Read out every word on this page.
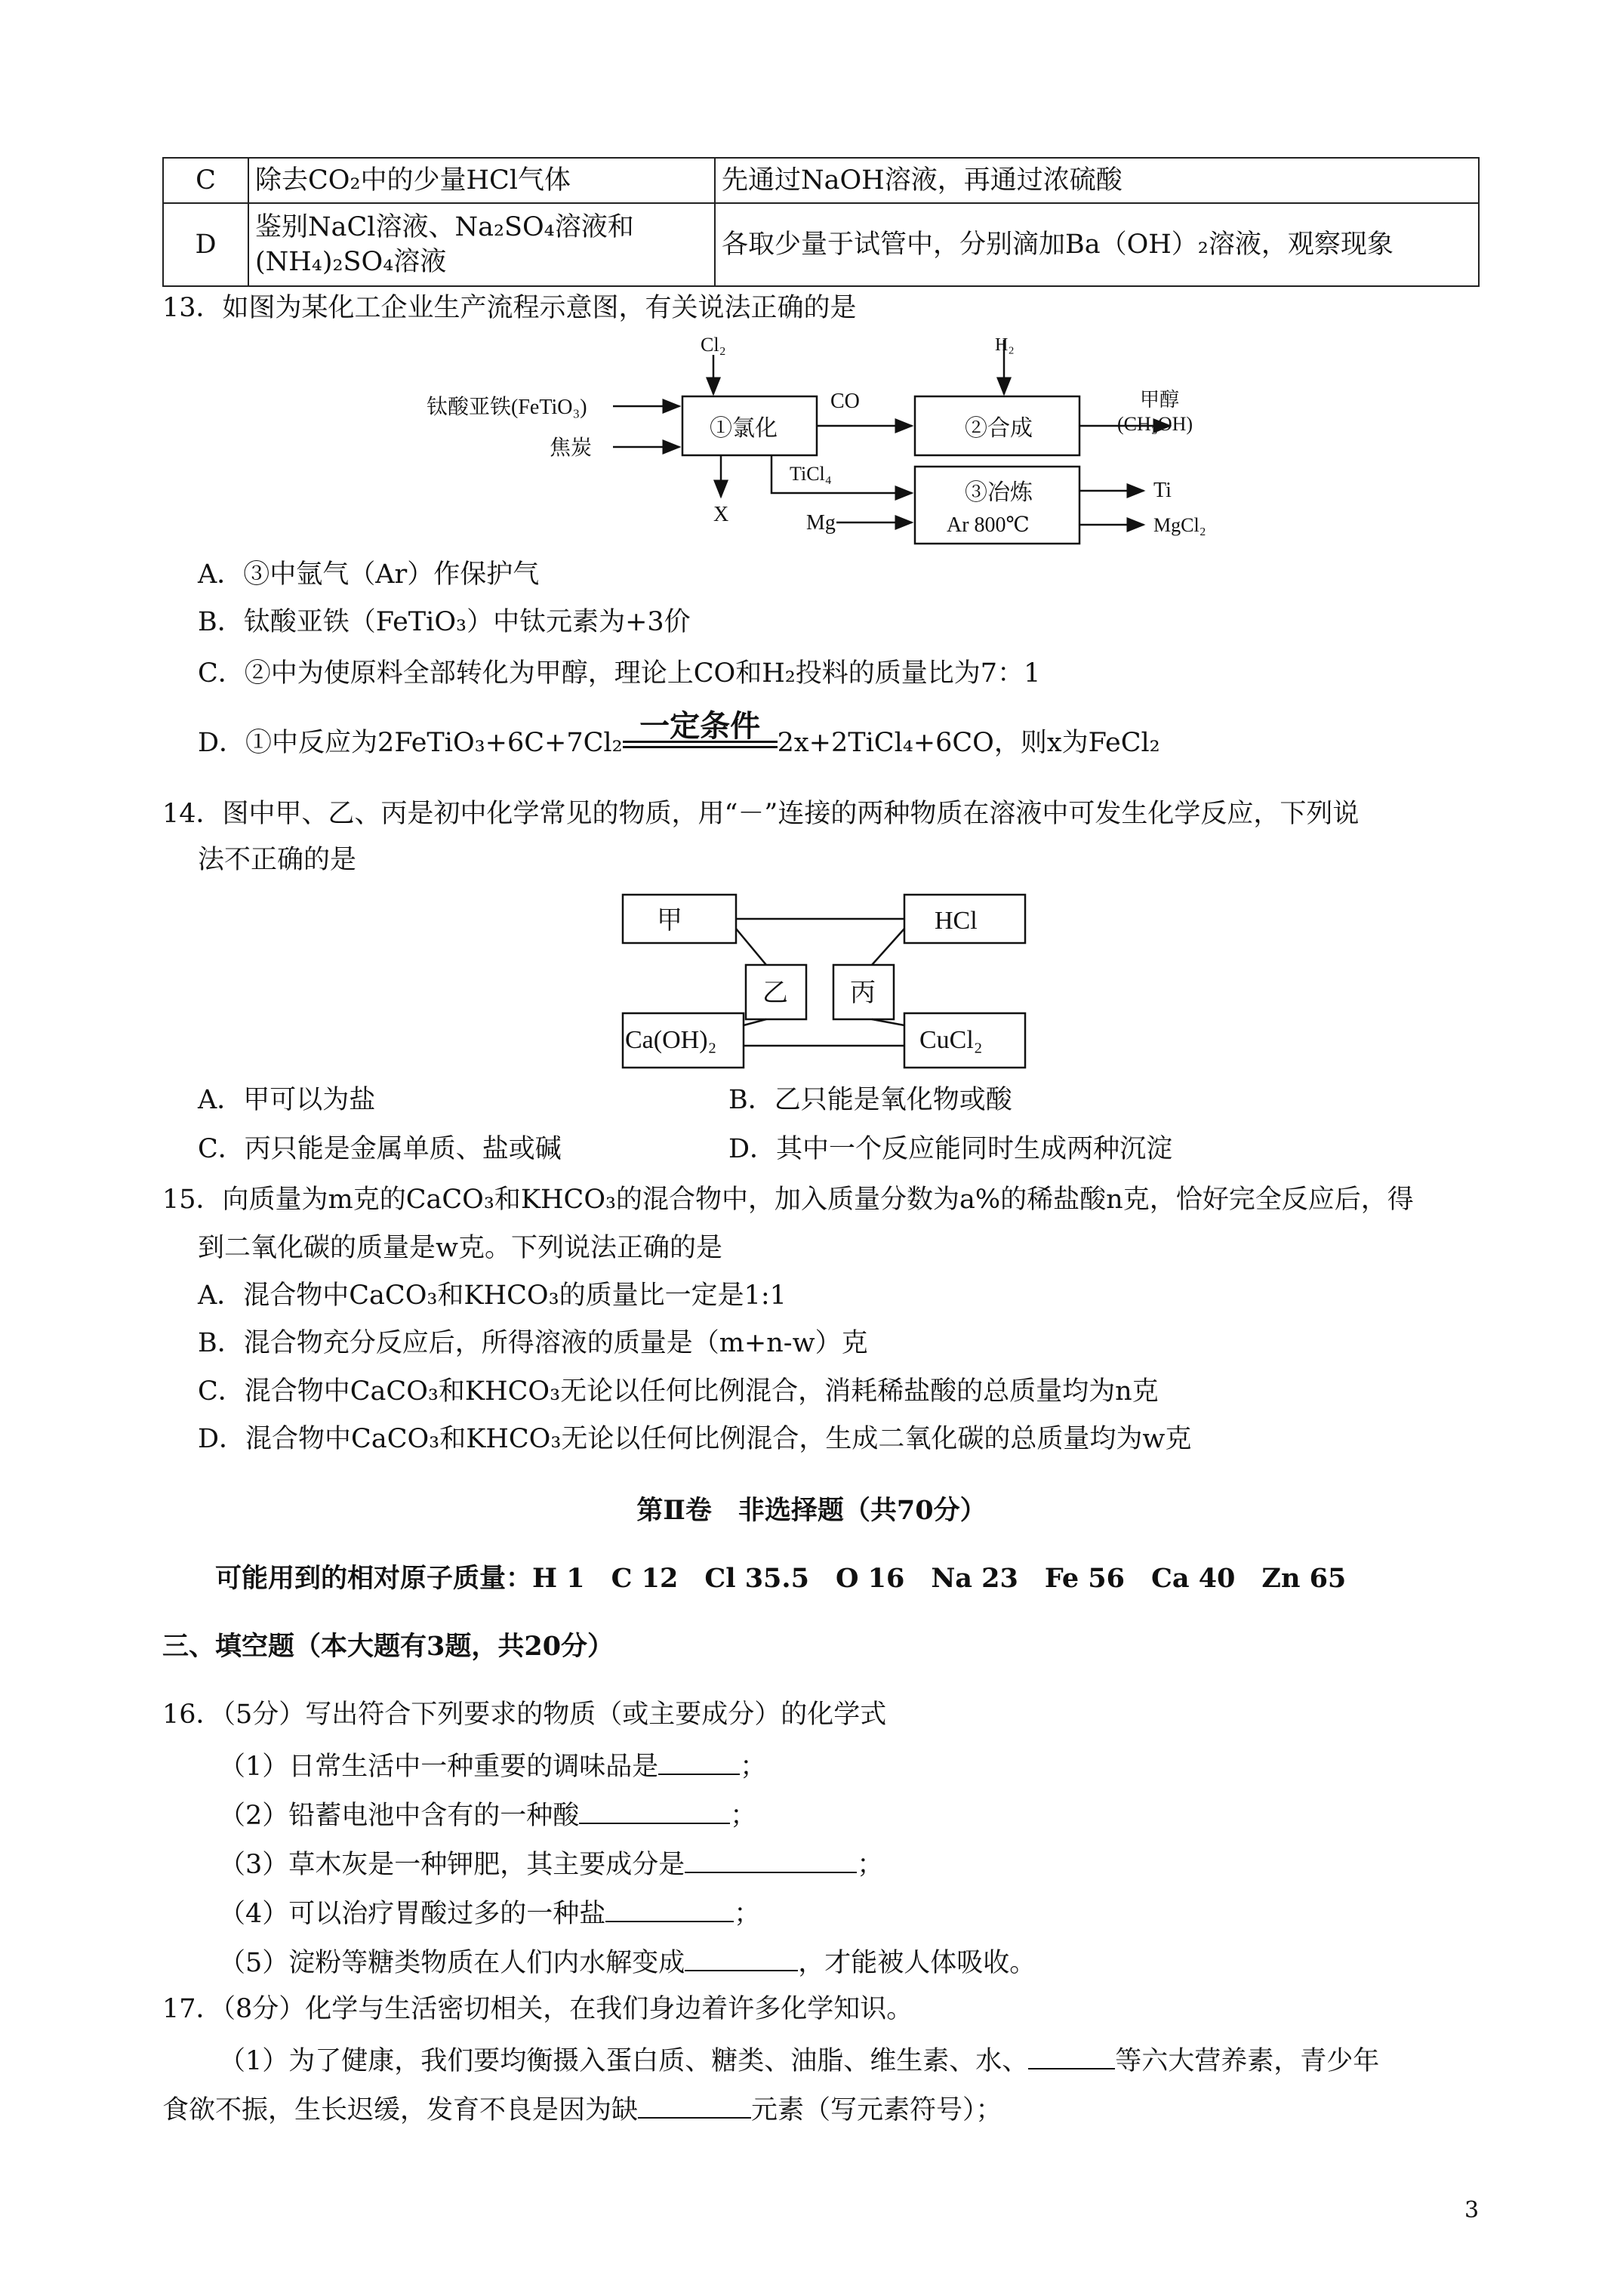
C	除去CO₂中的少量HCl气体	先通过NaOH溶液，再通过浓硫酸
D	鉴别NaCl溶液、Na₂SO₄溶液和(NH₄)₂SO₄溶液	各取少量于试管中，分别滴加Ba（OH）₂溶液，观察现象
13．如图为某化工企业生产流程示意图，有关说法正确的是
钛酸亚铁(FeTiO₃)
焦炭
Cl₂
①氯化	②合成
③冶炼
Ar 800℃
CO
TiCl₄
X	Mg
H₂
甲醇
(CH₃OH)
Ti
MgCl₂
A．③中氩气（Ar）作保护气
B．钛酸亚铁（FeTiO₃）中钛元素为+3价
C．②中为使原料全部转化为甲醇，理论上CO和H₂投料的质量比为7：1
D．①中反应为2FeTiO₃+6C+7Cl₂ 一定条件 2x+2TiCl₄+6CO，则x为FeCl₂
14．图中甲、乙、丙是初中化学常见的物质，用“－”连接的两种物质在溶液中可发生化学反应，下列说
法不正确的是
甲	HCl
乙 丙
Ca(OH)₂	CuCl₂
A．甲可以为盐	B．乙只能是氧化物或酸
C．丙只能是金属单质、盐或碱	D．其中一个反应能同时生成两种沉淀
15．向质量为m克的CaCO₃和KHCO₃的混合物中，加入质量分数为a%的稀盐酸n克，恰好完全反应后，得
到二氧化碳的质量是w克。下列说法正确的是
A．混合物中CaCO₃和KHCO₃的质量比一定是1:1
B．混合物充分反应后，所得溶液的质量是（m+n-w）克
C．混合物中CaCO₃和KHCO₃无论以任何比例混合，消耗稀盐酸的总质量均为n克
D．混合物中CaCO₃和KHCO₃无论以任何比例混合，生成二氧化碳的总质量均为w克
第Ⅱ卷　非选择题（共70分）
可能用到的相对原子质量：H 1　C 12　Cl 35.5　O 16　Na 23　Fe 56　Ca 40　Zn 65
三、填空题（本大题有3题，共20分）
16．（5分）写出符合下列要求的物质（或主要成分）的化学式
（1）日常生活中一种重要的调味品是	；
（2）铅蓄电池中含有的一种酸	；
（3）草木灰是一种钾肥，其主要成分是	；
（4）可以治疗胃酸过多的一种盐	；
（5）淀粉等糖类物质在人们内水解变成	，才能被人体吸收。
17．（8分）化学与生活密切相关，在我们身边着许多化学知识。
（1）为了健康，我们要均衡摄入蛋白质、糖类、油脂、维生素、水、	等六大营养素，青少年
食欲不振，生长迟缓，发育不良是因为缺	元素（写元素符号）；
3
